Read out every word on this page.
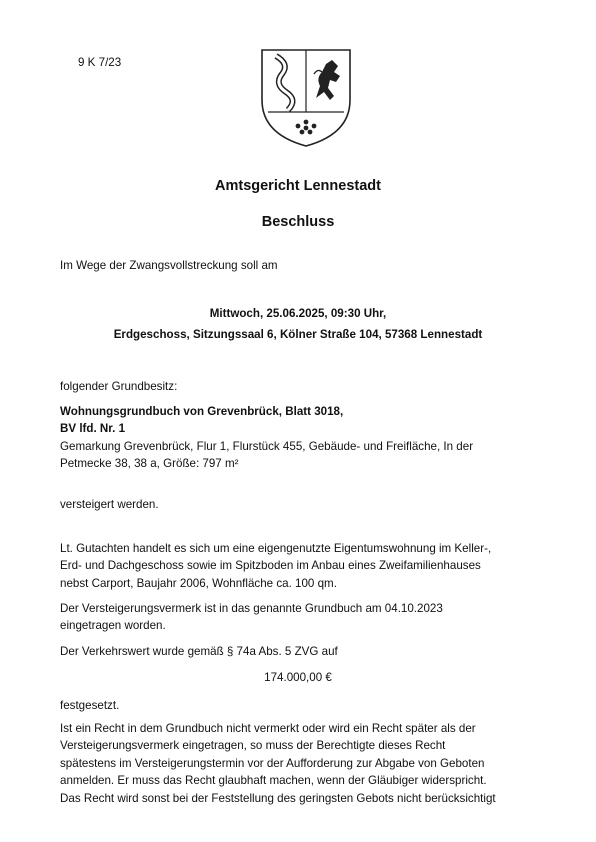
9 K 7/23
Amtsgericht Lennestadt
Beschluss
Im Wege der Zwangsvollstreckung soll am
Mittwoch, 25.06.2025, 09:30 Uhr,
Erdgeschoss, Sitzungssaal 6, Kölner Straße 104, 57368 Lennestadt
folgender Grundbesitz:
Wohnungsgrundbuch von Grevenbrück, Blatt 3018,
BV lfd. Nr. 1
Gemarkung Grevenbrück, Flur 1, Flurstück 455, Gebäude- und Freifläche, In der
Petmecke 38, 38 a, Größe: 797 m²
versteigert werden.
Lt. Gutachten handelt es sich um eine eigengenutzte Eigentumswohnung im Keller-,
Erd- und Dachgeschoss sowie im Spitzboden im Anbau eines Zweifamilienhauses
nebst Carport, Baujahr 2006, Wohnfläche ca. 100 qm.
Der Versteigerungsvermerk ist in das genannte Grundbuch am 04.10.2023
eingetragen worden.
Der Verkehrswert wurde gemäß § 74a Abs. 5 ZVG auf
174.000,00 €
festgesetzt.
Ist ein Recht in dem Grundbuch nicht vermerkt oder wird ein Recht später als der
Versteigerungsvermerk eingetragen, so muss der Berechtigte dieses Recht
spätestens im Versteigerungstermin vor der Aufforderung zur Abgabe von Geboten
anmelden. Er muss das Recht glaubhaft machen, wenn der Gläubiger widerspricht.
Das Recht wird sonst bei der Feststellung des geringsten Gebots nicht berücksichtigt
